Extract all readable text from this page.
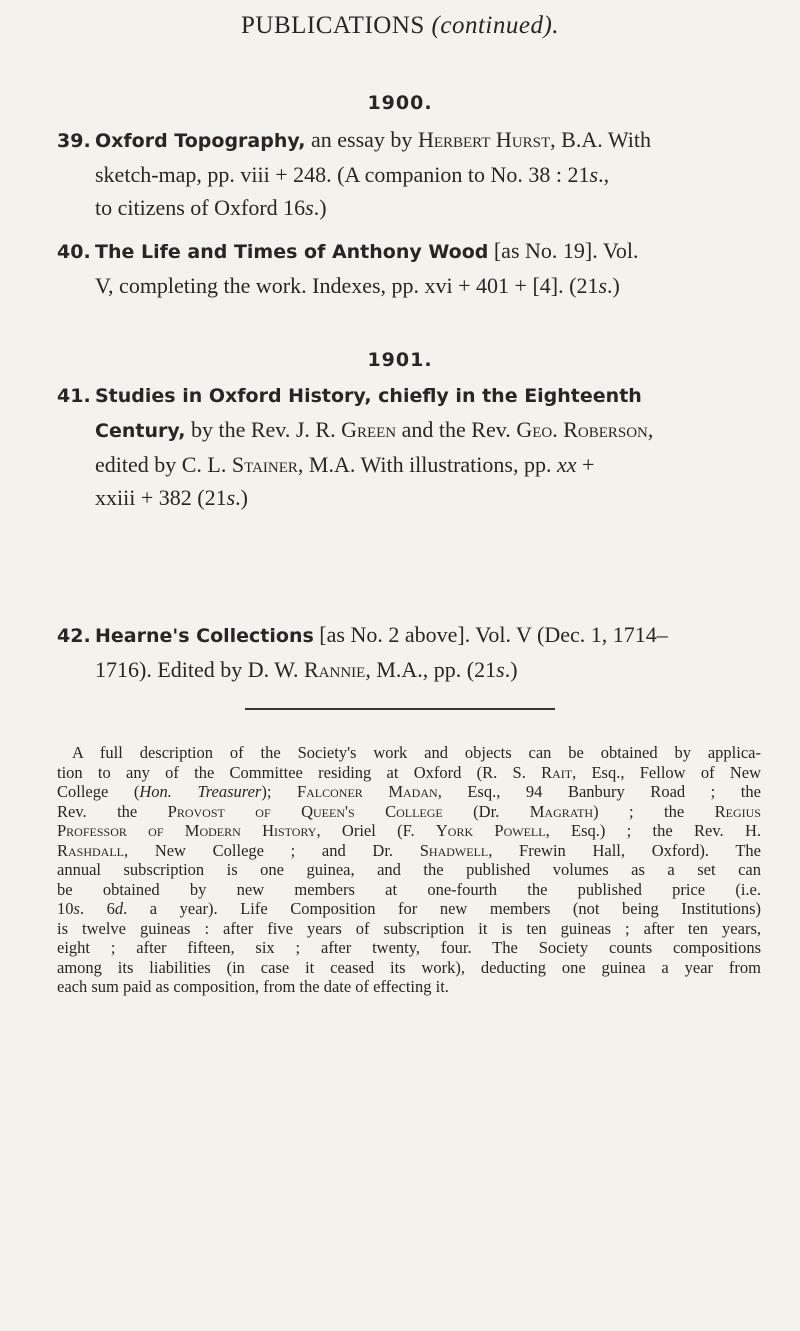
PUBLICATIONS (continued).
1900.
39. Oxford Topography, an essay by Herbert Hurst, B.A. With
sketch-map, pp. viii + 248. (A companion to No. 38 : 21s.,
to citizens of Oxford 16s.)
40. The Life and Times of Anthony Wood [as No. 19]. Vol.
V, completing the work. Indexes, pp. xvi + 401 + [4]. (21s.)
1901.
41. Studies in Oxford History, chiefly in the Eighteenth
Century, by the Rev. J. R. Green and the Rev. Geo. Roberson,
edited by C. L. Stainer, M.A. With illustrations, pp. xx +
xxiii + 382 (21s.)
42. Hearne's Collections [as No. 2 above]. Vol. V (Dec. 1, 1714–
1716). Edited by D. W. Rannie, M.A., pp. (21s.)
A full description of the Society's work and objects can be obtained by applica-
tion to any of the Committee residing at Oxford (R. S. Rait, Esq., Fellow of New
College (Hon. Treasurer); Falconer Madan, Esq., 94 Banbury Road ; the
Rev. the Provost of Queen's College (Dr. Magrath) ; the Regius
Professor of Modern History, Oriel (F. York Powell, Esq.) ; the Rev. H.
Rashdall, New College ; and Dr. Shadwell, Frewin Hall, Oxford). The
annual subscription is one guinea, and the published volumes as a set can
be obtained by new members at one-fourth the published price (i.e.
10s. 6d. a year). Life Composition for new members (not being Institutions)
is twelve guineas : after five years of subscription it is ten guineas ; after ten years,
eight ; after fifteen, six ; after twenty, four. The Society counts compositions
among its liabilities (in case it ceased its work), deducting one guinea a year from
each sum paid as composition, from the date of effecting it.
